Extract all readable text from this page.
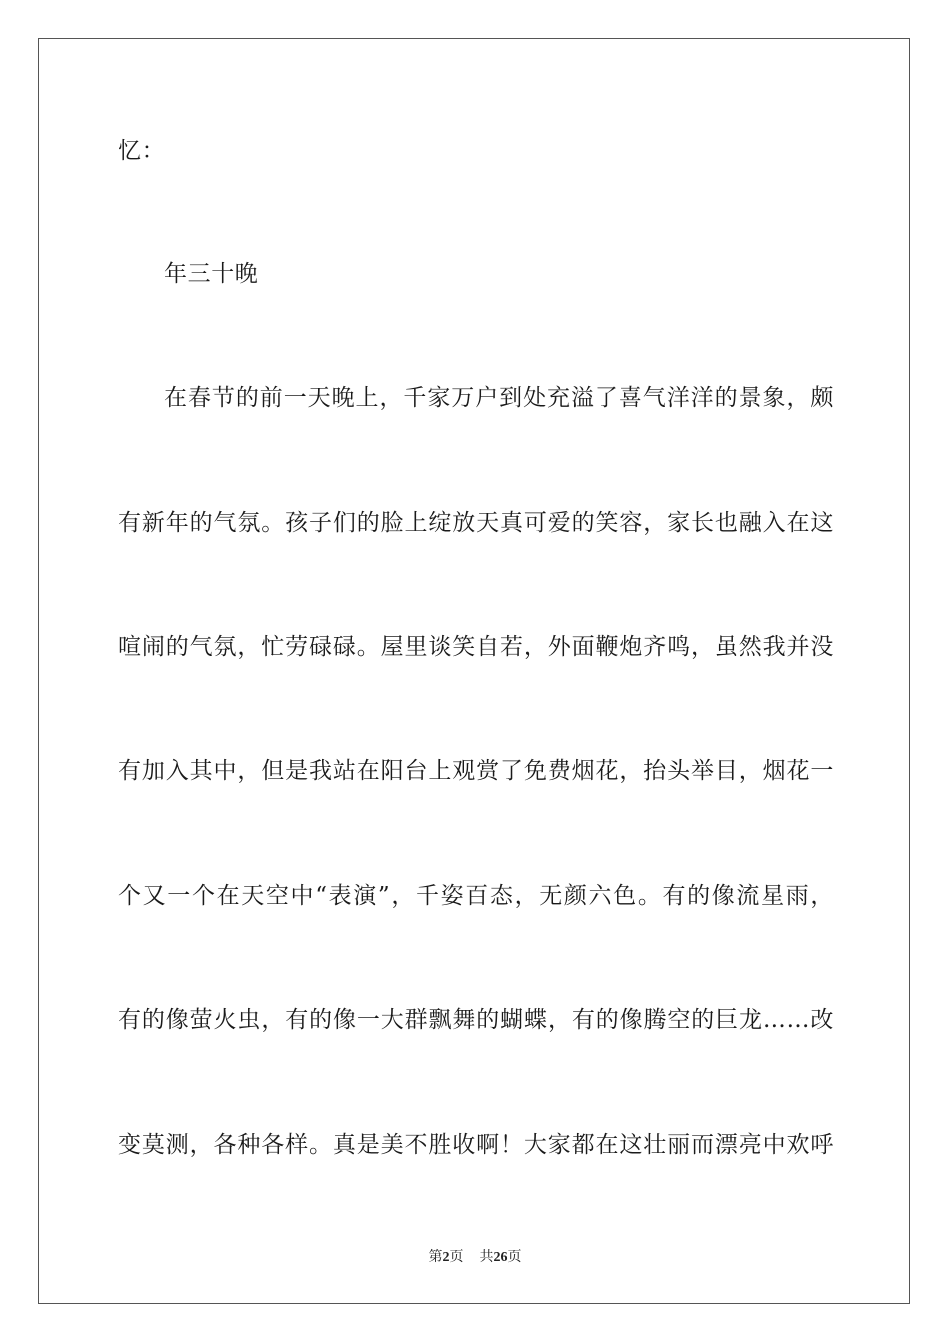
忆：
年三十晚
在春节的前一天晚上，千家万户到处充溢了喜气洋洋的景象，颇
有新年的气氛。孩子们的脸上绽放天真可爱的笑容，家长也融入在这
喧闹的气氛，忙劳碌碌。屋里谈笑自若，外面鞭炮齐鸣，虽然我并没
有加入其中，但是我站在阳台上观赏了免费烟花，抬头举目，烟花一
个又一个在天空中“表演”，千姿百态，无颜六色。有的像流星雨，
有的像萤火虫，有的像一大群飘舞的蝴蝶，有的像腾空的巨龙……改
变莫测，各种各样。真是美不胜收啊！大家都在这壮丽而漂亮中欢呼
第2页 共26页
